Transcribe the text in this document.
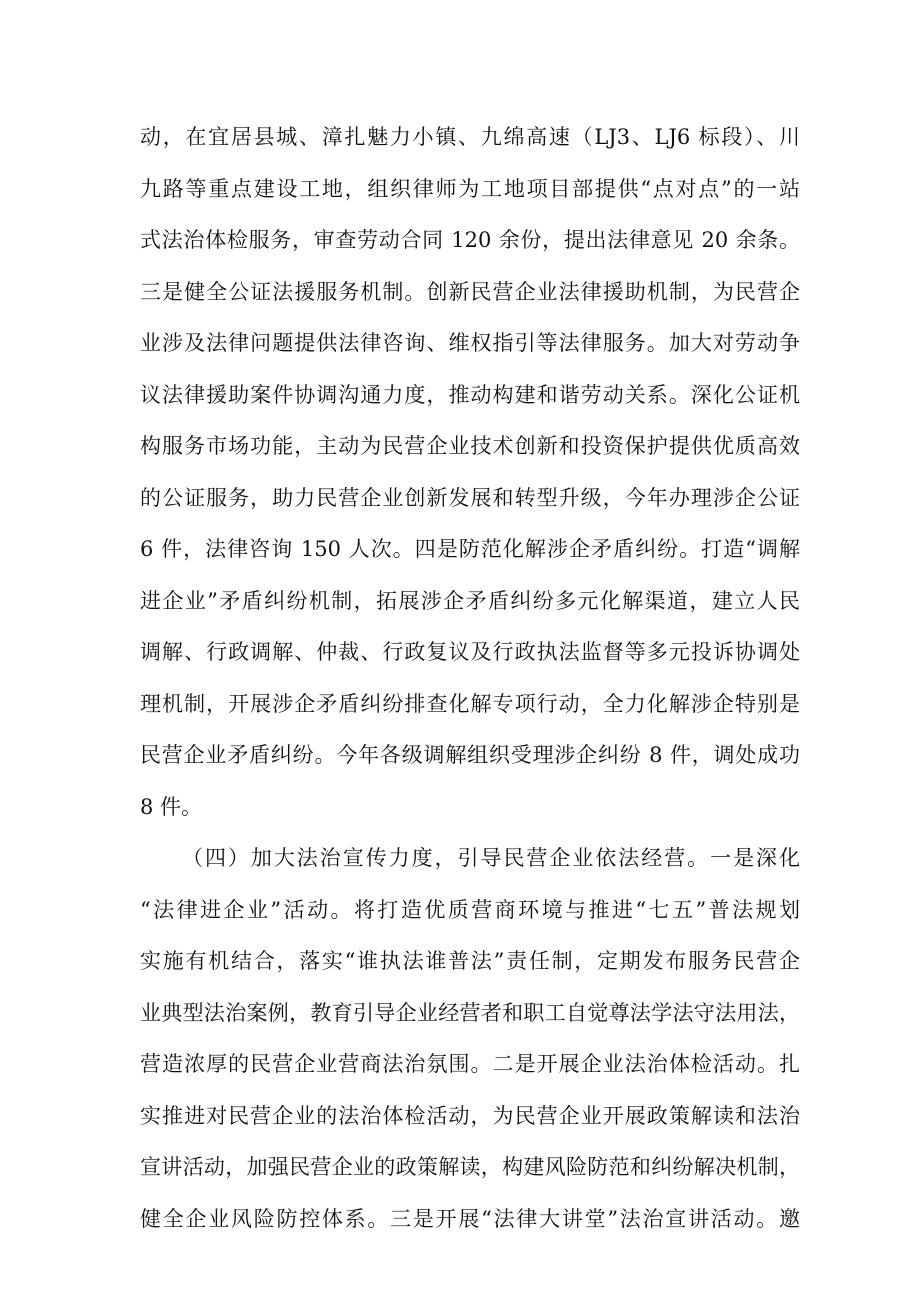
动，在宜居县城、漳扎魅力小镇、九绵高速（LJ3、LJ6 标段）、川
九路等重点建设工地，组织律师为工地项目部提供“点对点”的一站
式法治体检服务，审查劳动合同 120 余份，提出法律意见 20 余条。
三是健全公证法援服务机制。创新民营企业法律援助机制，为民营企
业涉及法律问题提供法律咨询、维权指引等法律服务。加大对劳动争
议法律援助案件协调沟通力度，推动构建和谐劳动关系。深化公证机
构服务市场功能，主动为民营企业技术创新和投资保护提供优质高效
的公证服务，助力民营企业创新发展和转型升级，今年办理涉企公证
6 件，法律咨询 150 人次。四是防范化解涉企矛盾纠纷。打造“调解
进企业”矛盾纠纷机制，拓展涉企矛盾纠纷多元化解渠道，建立人民
调解、行政调解、仲裁、行政复议及行政执法监督等多元投诉协调处
理机制，开展涉企矛盾纠纷排查化解专项行动，全力化解涉企特别是
民营企业矛盾纠纷。今年各级调解组织受理涉企纠纷 8 件，调处成功
8 件。
（四）加大法治宣传力度，引导民营企业依法经营。一是深化
“法律进企业”活动。将打造优质营商环境与推进“七五”普法规划
实施有机结合，落实“谁执法谁普法”责任制，定期发布服务民营企
业典型法治案例，教育引导企业经营者和职工自觉尊法学法守法用法，
营造浓厚的民营企业营商法治氛围。二是开展企业法治体检活动。扎
实推进对民营企业的法治体检活动，为民营企业开展政策解读和法治
宣讲活动，加强民营企业的政策解读，构建风险防范和纠纷解决机制，
健全企业风险防控体系。三是开展“法律大讲堂”法治宣讲活动。邀
